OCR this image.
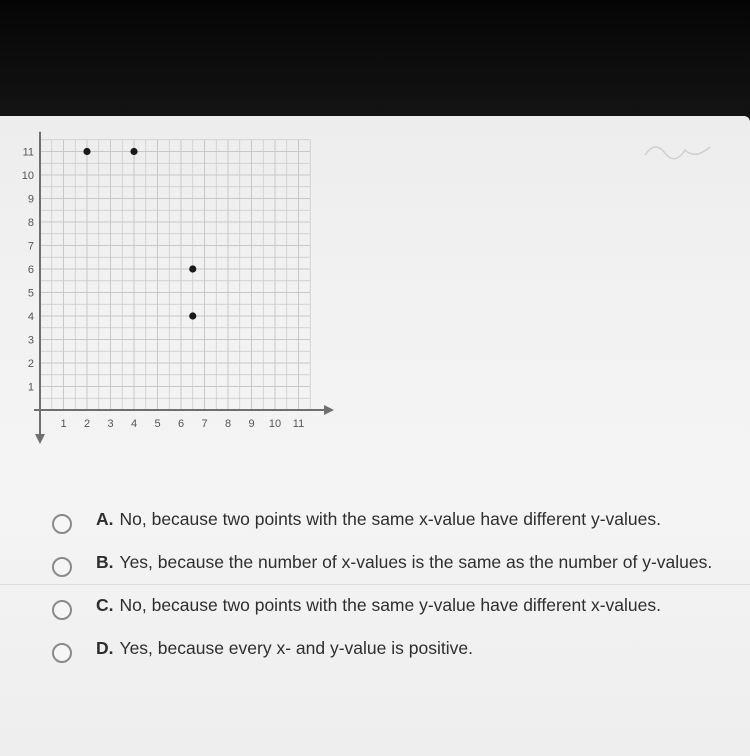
1 2 3 4 5 6 7 8 9 10 11
1
2
3
4
5
6
7
8
9
10
11
A. No, because two points with the same x-value have different y-values.
B. Yes, because the number of x-values is the same as the number of y-values.
C. No, because two points with the same y-value have different x-values.
D. Yes, because every x- and y-value is positive.
